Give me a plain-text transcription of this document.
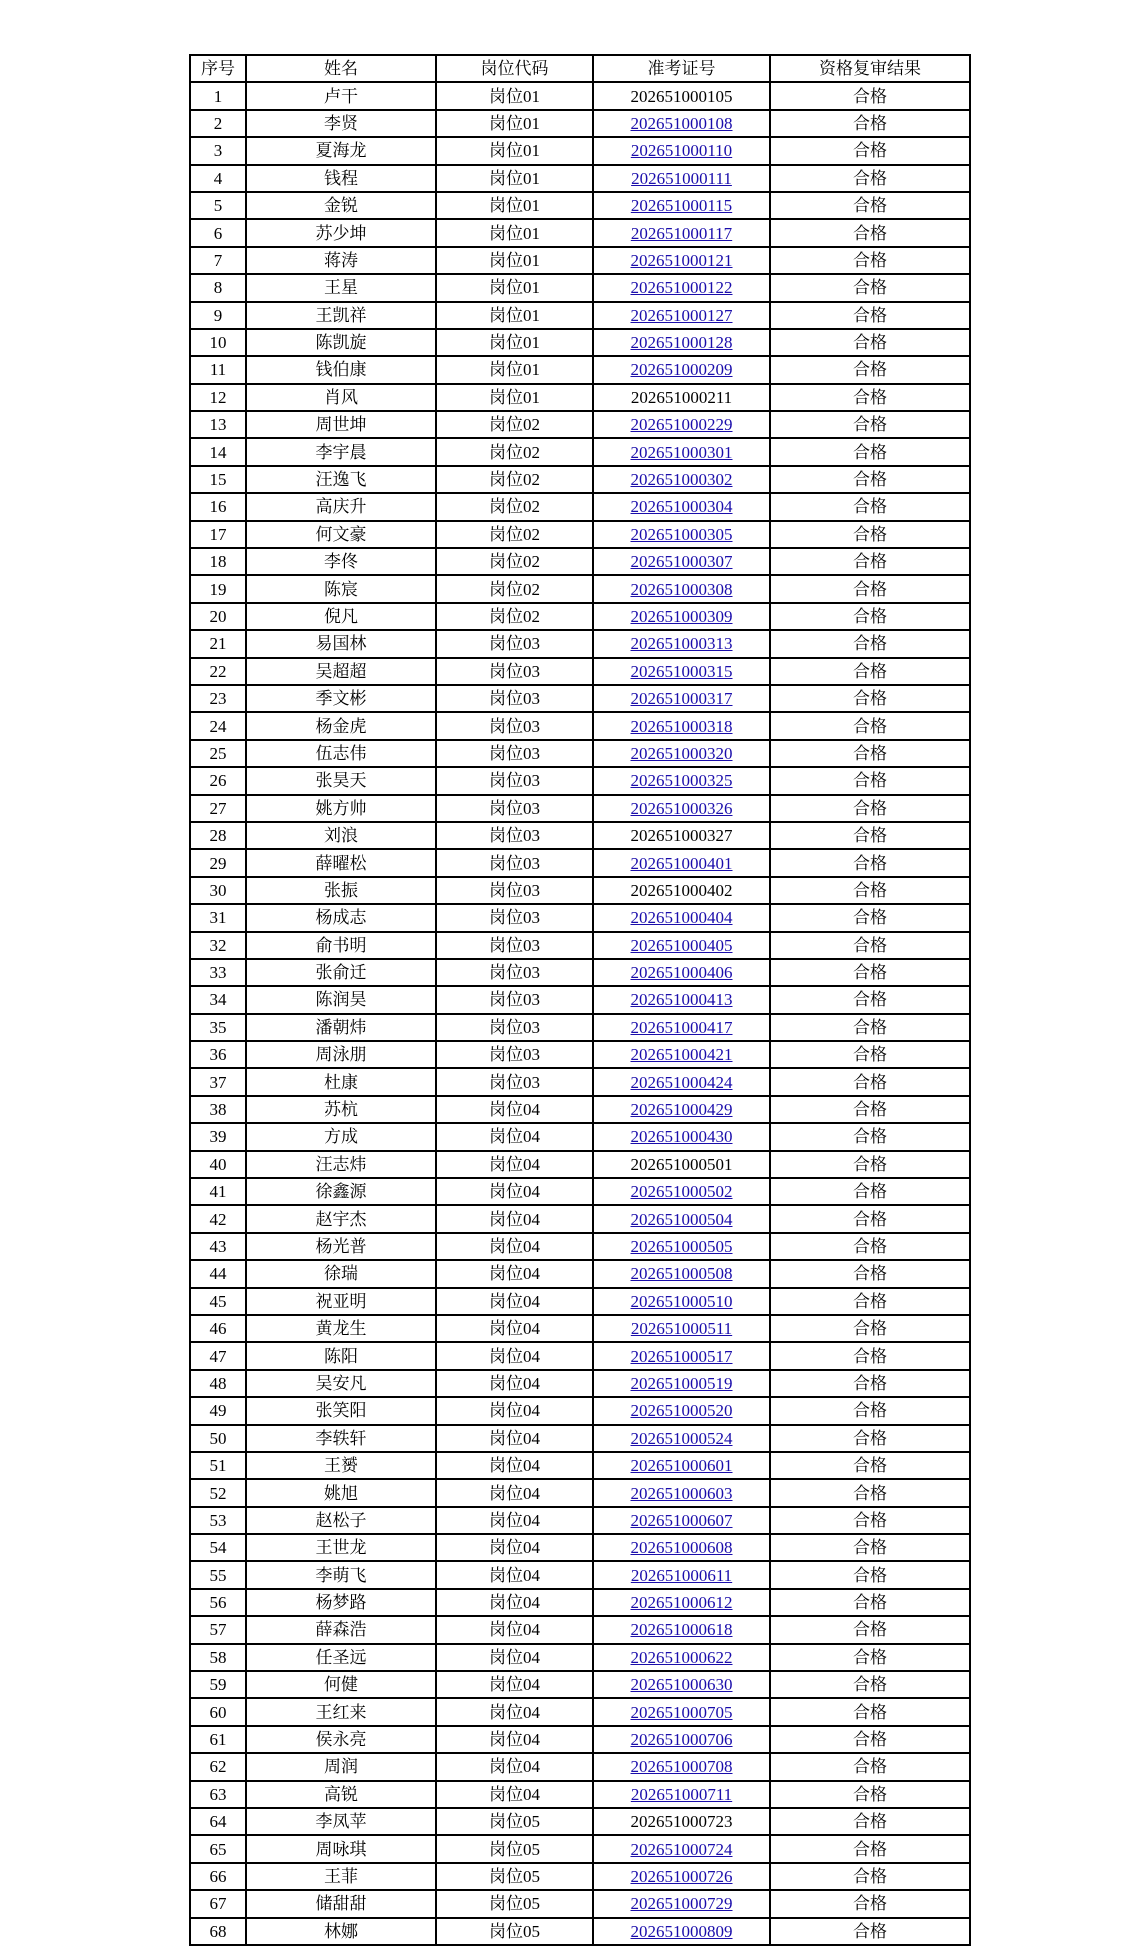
序号	姓名	岗位代码	准考证号	资格复审结果
1	卢干	岗位01	202651000105	合格
2	李贤	岗位01	202651000108	合格
3	夏海龙	岗位01	202651000110	合格
4	钱程	岗位01	202651000111	合格
5	金锐	岗位01	202651000115	合格
6	苏少坤	岗位01	202651000117	合格
7	蒋涛	岗位01	202651000121	合格
8	王星	岗位01	202651000122	合格
9	王凯祥	岗位01	202651000127	合格
10	陈凯旋	岗位01	202651000128	合格
11	钱伯康	岗位01	202651000209	合格
12	肖风	岗位01	202651000211	合格
13	周世坤	岗位02	202651000229	合格
14	李宇晨	岗位02	202651000301	合格
15	汪逸飞	岗位02	202651000302	合格
16	高庆升	岗位02	202651000304	合格
17	何文豪	岗位02	202651000305	合格
18	李佟	岗位02	202651000307	合格
19	陈宸	岗位02	202651000308	合格
20	倪凡	岗位02	202651000309	合格
21	易国林	岗位03	202651000313	合格
22	吴超超	岗位03	202651000315	合格
23	季文彬	岗位03	202651000317	合格
24	杨金虎	岗位03	202651000318	合格
25	伍志伟	岗位03	202651000320	合格
26	张昊天	岗位03	202651000325	合格
27	姚方帅	岗位03	202651000326	合格
28	刘浪	岗位03	202651000327	合格
29	薛曜松	岗位03	202651000401	合格
30	张振	岗位03	202651000402	合格
31	杨成志	岗位03	202651000404	合格
32	俞书明	岗位03	202651000405	合格
33	张俞迁	岗位03	202651000406	合格
34	陈润昊	岗位03	202651000413	合格
35	潘朝炜	岗位03	202651000417	合格
36	周泳朋	岗位03	202651000421	合格
37	杜康	岗位03	202651000424	合格
38	苏杭	岗位04	202651000429	合格
39	方成	岗位04	202651000430	合格
40	汪志炜	岗位04	202651000501	合格
41	徐鑫源	岗位04	202651000502	合格
42	赵宇杰	岗位04	202651000504	合格
43	杨光普	岗位04	202651000505	合格
44	徐瑞	岗位04	202651000508	合格
45	祝亚明	岗位04	202651000510	合格
46	黄龙生	岗位04	202651000511	合格
47	陈阳	岗位04	202651000517	合格
48	吴安凡	岗位04	202651000519	合格
49	张笑阳	岗位04	202651000520	合格
50	李轶轩	岗位04	202651000524	合格
51	王赟	岗位04	202651000601	合格
52	姚旭	岗位04	202651000603	合格
53	赵松子	岗位04	202651000607	合格
54	王世龙	岗位04	202651000608	合格
55	李萌飞	岗位04	202651000611	合格
56	杨梦路	岗位04	202651000612	合格
57	薛森浩	岗位04	202651000618	合格
58	任圣远	岗位04	202651000622	合格
59	何健	岗位04	202651000630	合格
60	王红来	岗位04	202651000705	合格
61	侯永亮	岗位04	202651000706	合格
62	周润	岗位04	202651000708	合格
63	高锐	岗位04	202651000711	合格
64	李凤苹	岗位05	202651000723	合格
65	周咏琪	岗位05	202651000724	合格
66	王菲	岗位05	202651000726	合格
67	储甜甜	岗位05	202651000729	合格
68	林娜	岗位05	202651000809	合格
